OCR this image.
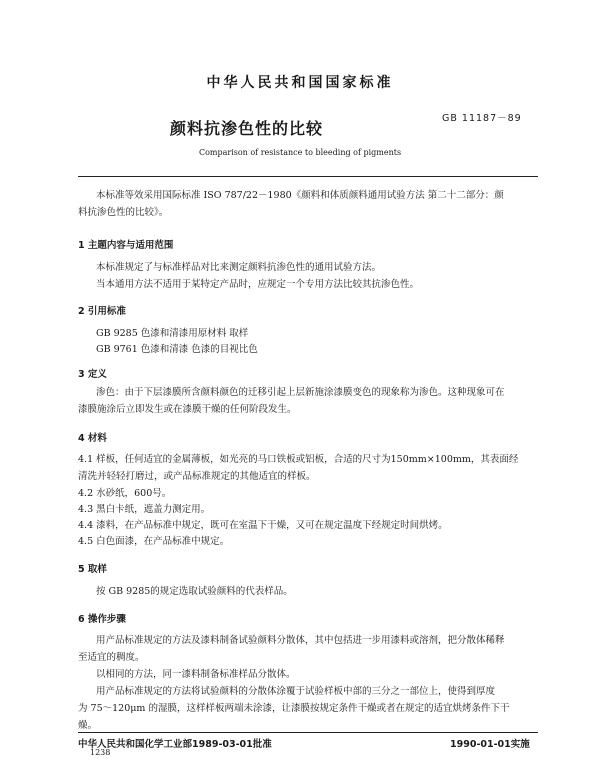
中华人民共和国国家标准
颜料抗渗色性的比较
GB 11187－89
Comparison of resistance to bleeding of pigments
本标准等效采用国际标准 ISO 787/22－1980《颜料和体质颜料通用试验方法 第二十二部分：颜
料抗渗色性的比较》。
1 主题内容与适用范围
本标准规定了与标准样品对比来测定颜料抗渗色性的通用试验方法。
当本通用方法不适用于某特定产品时，应规定一个专用方法比较其抗渗色性。
2 引用标准
GB 9285 色漆和清漆用原材料 取样
GB 9761 色漆和清漆 色漆的目视比色
3 定义
渗色：由于下层漆膜所含颜料颜色的迁移引起上层新施涂漆膜变色的现象称为渗色。这种现象可在
漆膜施涂后立即发生或在漆膜干燥的任何阶段发生。
4 材料
4.1 样板，任何适宜的金属薄板，如光亮的马口铁板或铝板，合适的尺寸为150mm×100mm，其表面经
清洗并轻轻打磨过，或产品标准规定的其他适宜的样板。
4.2 水砂纸，600号。
4.3 黑白卡纸，遮盖力测定用。
4.4 漆料，在产品标准中规定，既可在室温下干燥，又可在规定温度下经规定时间烘烤。
4.5 白色面漆，在产品标准中规定。
5 取样
按 GB 9285的规定选取试验颜料的代表样品。
6 操作步骤
用产品标准规定的方法及漆料制备试验颜料分散体，其中包括进一步用漆料或溶剂，把分散体稀释
至适宜的稠度。
以相同的方法，同一漆料制备标准样品分散体。
用产品标准规定的方法将试验颜料的分散体涂覆于试验样板中部的三分之一部位上，使得到厚度
为 75～120μm 的湿膜，这样样板两端未涂漆，让漆膜按规定条件干燥或者在规定的适宜烘烤条件下干
燥。
中华人民共和国化学工业部1989-03-01批准	1990-01-01实施
1238
